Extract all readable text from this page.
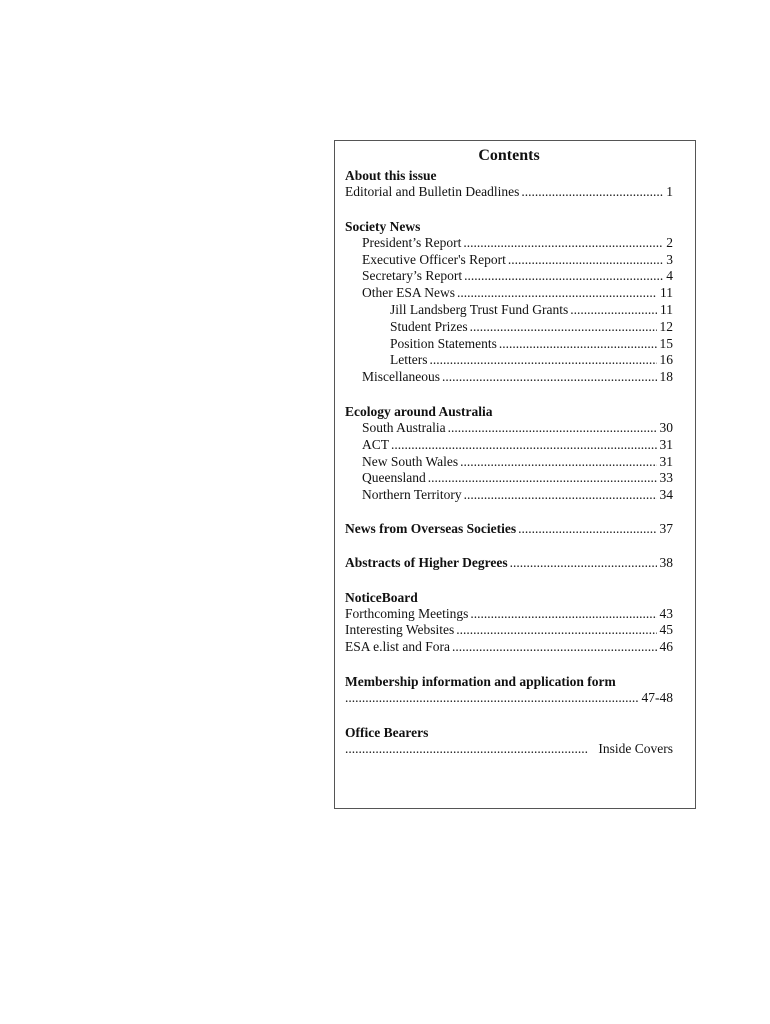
Contents
About this issue
Editorial and Bulletin Deadlines .....	1
Society News
President’s Report .....	2
Executive Officer's Report .....	3
Secretary’s Report .....	4
Other ESA News .....	11
Jill Landsberg Trust Fund Grants .....	11
Student Prizes .....	12
Position Statements .....	15
Letters .....	16
Miscellaneous .....	18
Ecology around Australia
South Australia .....	30
ACT .....	31
New South Wales .....	31
Queensland .....	33
Northern Territory .....	34
News from Overseas Societies .....	37
Abstracts of Higher Degrees .....	38
NoticeBoard
Forthcoming Meetings .....	43
Interesting Websites .....	45
ESA e.list and Fora .....	46
Membership information and application form
.....
47-48
Office Bearers
.....
Inside Covers
